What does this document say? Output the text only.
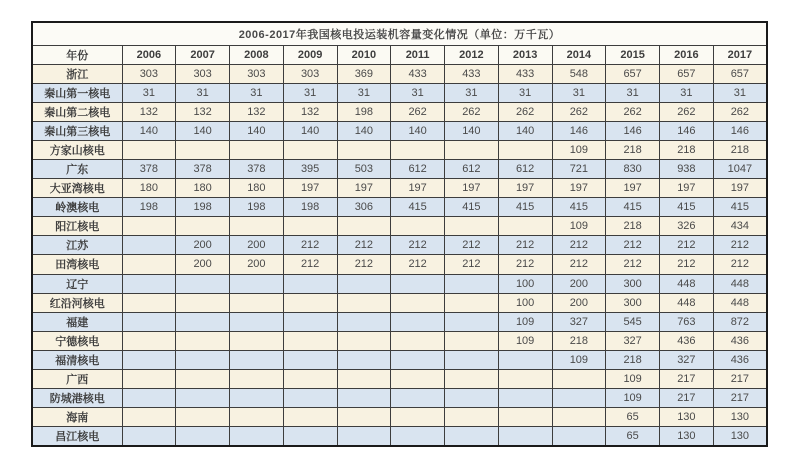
2006-2017年我国核电投运装机容量变化情况（单位：万千瓦）												
年份	2006	2007	2008	2009	2010	2011	2012	2013	2014	2015	2016	2017
浙江	303	303	303	303	369	433	433	433	548	657	657	657
秦山第一核电	31	31	31	31	31	31	31	31	31	31	31	31
秦山第二核电	132	132	132	132	198	262	262	262	262	262	262	262
秦山第三核电	140	140	140	140	140	140	140	140	146	146	146	146
方家山核电									109	218	218	218
广东	378	378	378	395	503	612	612	612	721	830	938	1047
大亚湾核电	180	180	180	197	197	197	197	197	197	197	197	197
岭澳核电	198	198	198	198	306	415	415	415	415	415	415	415
阳江核电									109	218	326	434
江苏		200	200	212	212	212	212	212	212	212	212	212
田湾核电		200	200	212	212	212	212	212	212	212	212	212
辽宁								100	200	300	448	448
红沿河核电								100	200	300	448	448
福建								109	327	545	763	872
宁德核电								109	218	327	436	436
福清核电									109	218	327	436
广西										109	217	217
防城港核电										109	217	217
海南										65	130	130
昌江核电										65	130	130
